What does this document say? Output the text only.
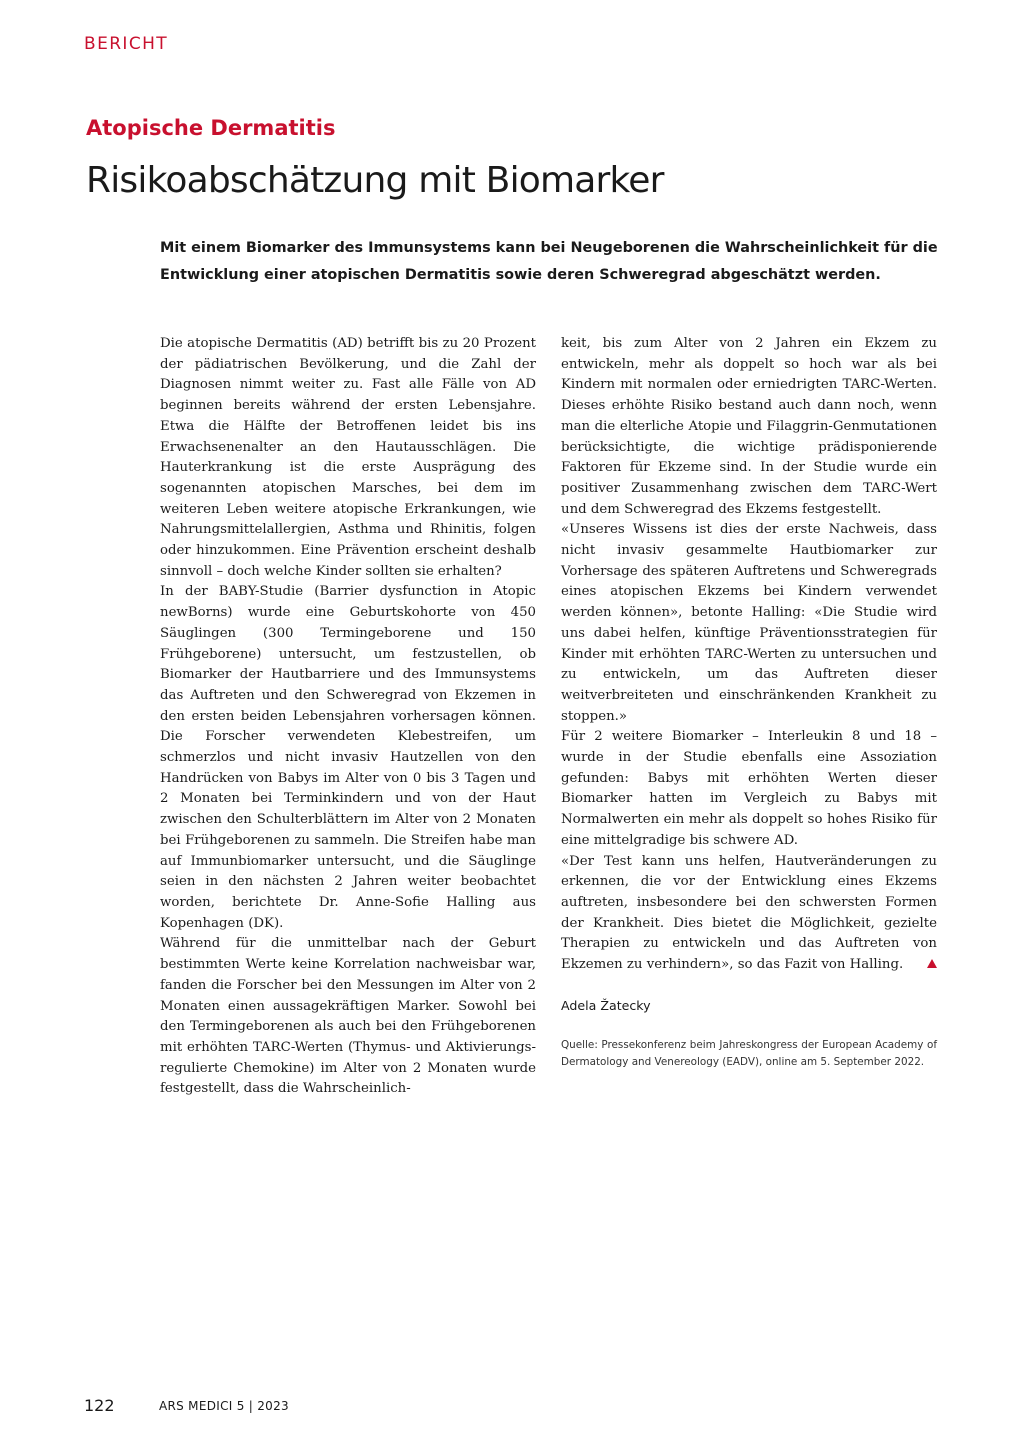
BERICHT
Atopische Dermatitis
Risikoabschätzung mit Biomarker

Mit einem Biomarker des Immunsystems kann bei Neugeborenen die Wahrscheinlichkeit für die Entwicklung einer atopischen Dermatitis sowie deren Schweregrad abgeschätzt werden.

Die atopische Dermatitis (AD) betrifft bis zu 20 Prozent der pädiatrischen Bevölkerung, und die Zahl der Diagnosen nimmt weiter zu. Fast alle Fälle von AD beginnen bereits während der ersten Lebensjahre. Etwa die Hälfte der Betroffenen leidet bis ins Erwachsenenalter an den Hautausschlägen. Die Hauterkrankung ist die erste Ausprägung des sogenannten atopischen Marsches, bei dem im weiteren Leben weitere atopische Erkrankungen, wie Nahrungsmittelallergien, Asthma und Rhinitis, folgen oder hinzukommen. Eine Prävention erscheint deshalb sinnvoll – doch welche Kinder sollten sie erhalten?

In der BABY-Studie (Barrier dysfunction in Atopic newBorns) wurde eine Geburtskohorte von 450 Säuglingen (300 Termingeborene und 150 Frühgeborene) untersucht, um festzustellen, ob Biomarker der Hautbarriere und des Immunsystems das Auftreten und den Schweregrad von Ekzemen in den ersten beiden Lebensjahren vorhersagen können. Die Forscher verwendeten Klebestreifen, um schmerzlos und nicht invasiv Hautzellen von den Handrücken von Babys im Alter von 0 bis 3 Tagen und 2 Monaten bei Terminkindern und von der Haut zwischen den Schulterblättern im Alter von 2 Monaten bei Frühgeborenen zu sammeln. Die Streifen habe man auf Immunbiomarker untersucht, und die Säuglinge seien in den nächsten 2 Jahren weiter beobachtet worden, berichtete Dr. Anne-Sofie Halling aus Kopenhagen (DK).

Während für die unmittelbar nach der Geburt bestimmten Werte keine Korrelation nachweisbar war, fanden die Forscher bei den Messungen im Alter von 2 Monaten einen aussagekräftigen Marker. Sowohl bei den Termingeborenen als auch bei den Frühgeborenen mit erhöhten TARC-Werten (Thymus- und Aktivierungs-regulierte Chemokine) im Alter von 2 Monaten wurde festgestellt, dass die Wahrscheinlich-

keit, bis zum Alter von 2 Jahren ein Ekzem zu entwickeln, mehr als doppelt so hoch war als bei Kindern mit normalen oder erniedrigten TARC-Werten. Dieses erhöhte Risiko bestand auch dann noch, wenn man die elterliche Atopie und Filaggrin-Genmutationen berücksichtigte, die wichtige prädisponierende Faktoren für Ekzeme sind. In der Studie wurde ein positiver Zusammenhang zwischen dem TARC-Wert und dem Schweregrad des Ekzems festgestellt.

«Unseres Wissens ist dies der erste Nachweis, dass nicht invasiv gesammelte Hautbiomarker zur Vorhersage des späteren Auftretens und Schweregrads eines atopischen Ekzems bei Kindern verwendet werden können», betonte Halling: «Die Studie wird uns dabei helfen, künftige Präventionsstrategien für Kinder mit erhöhten TARC-Werten zu untersuchen und zu entwickeln, um das Auftreten dieser weitverbreiteten und einschränkenden Krankheit zu stoppen.»

Für 2 weitere Biomarker – Interleukin 8 und 18 – wurde in der Studie ebenfalls eine Assoziation gefunden: Babys mit erhöhten Werten dieser Biomarker hatten im Vergleich zu Babys mit Normalwerten ein mehr als doppelt so hohes Risiko für eine mittelgradige bis schwere AD.

«Der Test kann uns helfen, Hautveränderungen zu erkennen, die vor der Entwicklung eines Ekzems auftreten, insbesondere bei den schwersten Formen der Krankheit. Dies bietet die Möglichkeit, gezielte Therapien zu entwickeln und das Auftreten von Ekzemen zu verhindern», so das Fazit von Halling.

Adela Žatecky

Quelle: Pressekonferenz beim Jahreskongress der European Academy of Dermatology and Venereology (EADV), online am 5. September 2022.

122	ARS MEDICI 5 | 2023
